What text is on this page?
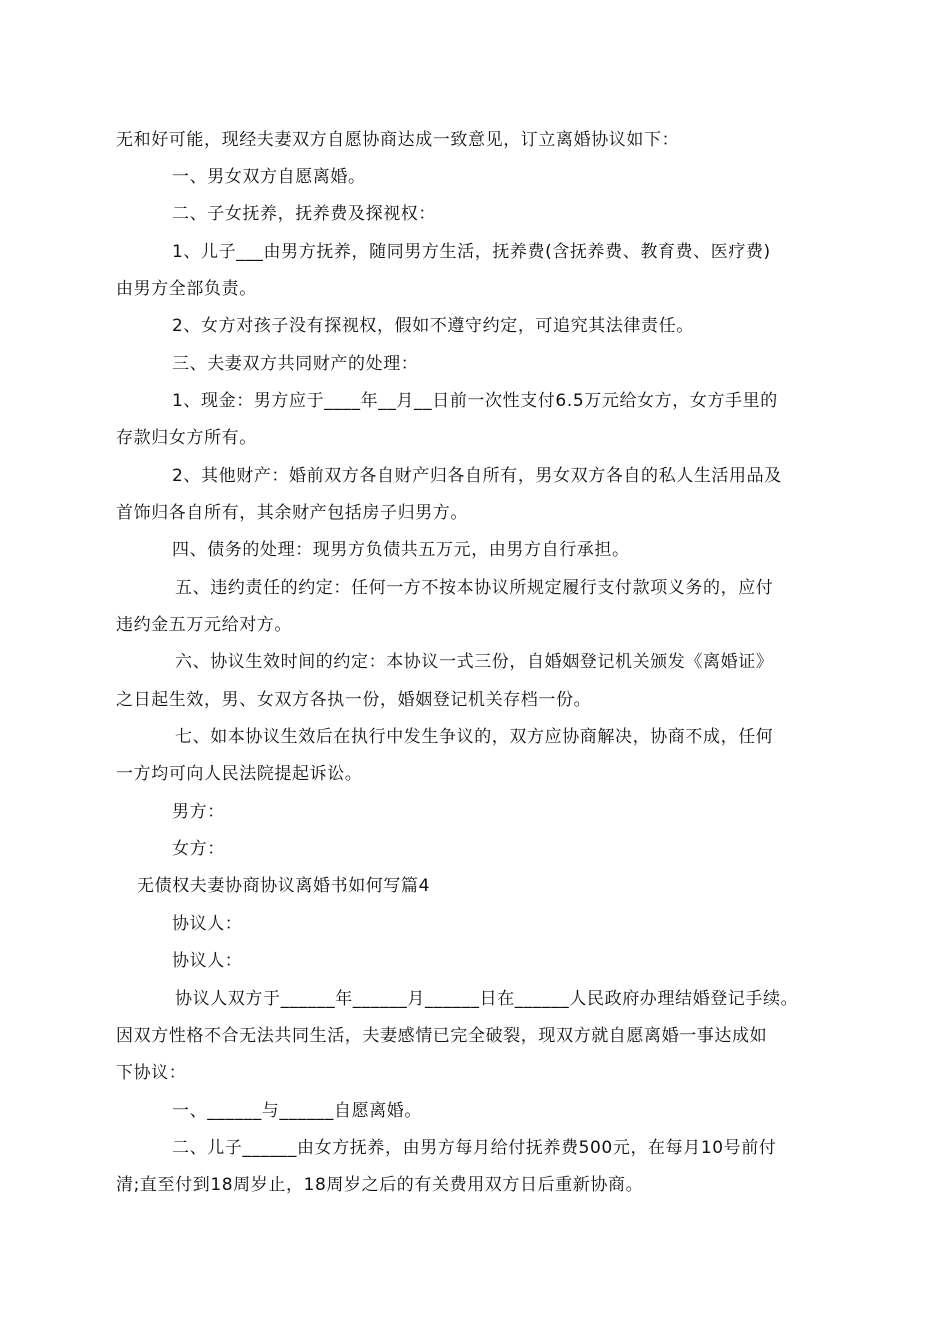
无和好可能，现经夫妻双方自愿协商达成一致意见，订立离婚协议如下：
一、男女双方自愿离婚。
二、子女抚养，抚养费及探视权：
1、儿子___由男方抚养，随同男方生活，抚养费(含抚养费、教育费、医疗费)
由男方全部负责。
2、女方对孩子没有探视权，假如不遵守约定，可追究其法律责任。
三、夫妻双方共同财产的处理：
1、现金：男方应于____年__月__日前一次性支付6.5万元给女方，女方手里的
存款归女方所有。
2、其他财产：婚前双方各自财产归各自所有，男女双方各自的私人生活用品及
首饰归各自所有，其余财产包括房子归男方。
四、债务的处理：现男方负债共五万元，由男方自行承担。
五、违约责任的约定：任何一方不按本协议所规定履行支付款项义务的，应付
违约金五万元给对方。
六、协议生效时间的约定：本协议一式三份，自婚姻登记机关颁发《离婚证》
之日起生效，男、女双方各执一份，婚姻登记机关存档一份。
七、如本协议生效后在执行中发生争议的，双方应协商解决，协商不成，任何
一方均可向人民法院提起诉讼。
男方：
女方：
无债权夫妻协商协议离婚书如何写篇4
协议人：
协议人：
协议人双方于______年______月______日在______人民政府办理结婚登记手续。
因双方性格不合无法共同生活，夫妻感情已完全破裂，现双方就自愿离婚一事达成如
下协议：
一、______与______自愿离婚。
二、儿子______由女方抚养，由男方每月给付抚养费500元，在每月10号前付
清;直至付到18周岁止，18周岁之后的有关费用双方日后重新协商。
